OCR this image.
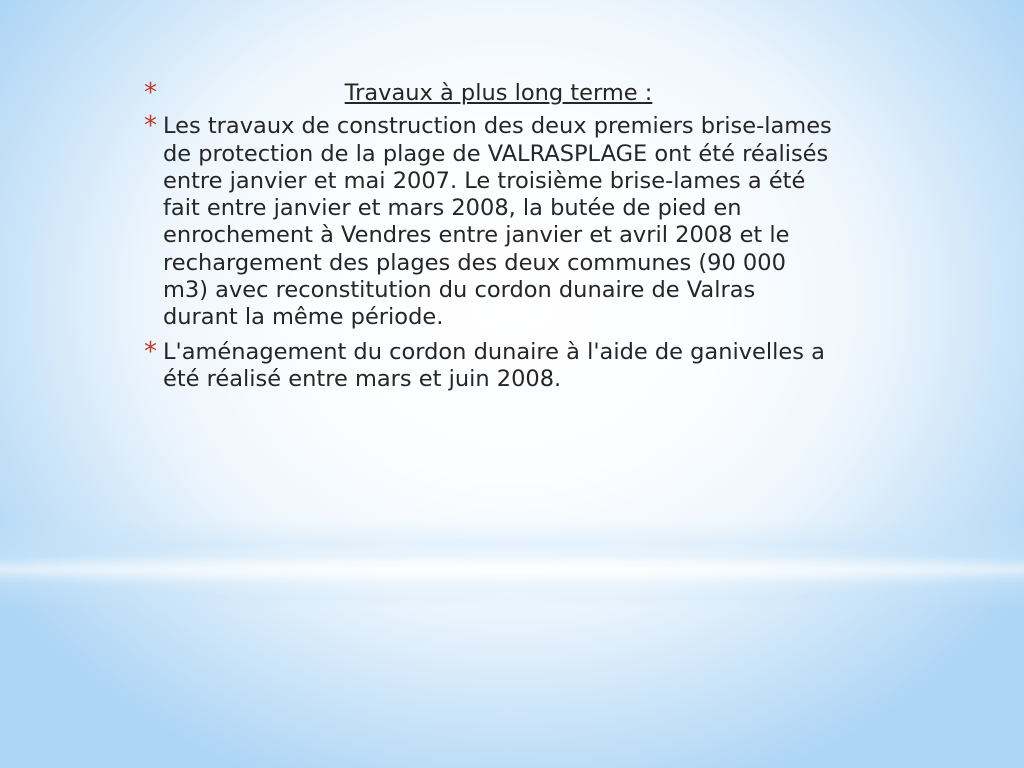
*	Travaux à plus long terme :
* Les travaux de construction des deux premiers brise-lames de protection de la plage de VALRASPLAGE ont été réalisés entre janvier et mai 2007. Le troisième brise-lames a été fait entre janvier et mars 2008, la butée de pied en enrochement à Vendres entre janvier et avril 2008 et le rechargement des plages des deux communes (90 000 m3) avec reconstitution du cordon dunaire de Valras durant la même période.
* L'aménagement du cordon dunaire à l'aide de ganivelles a été réalisé entre mars et juin 2008.
